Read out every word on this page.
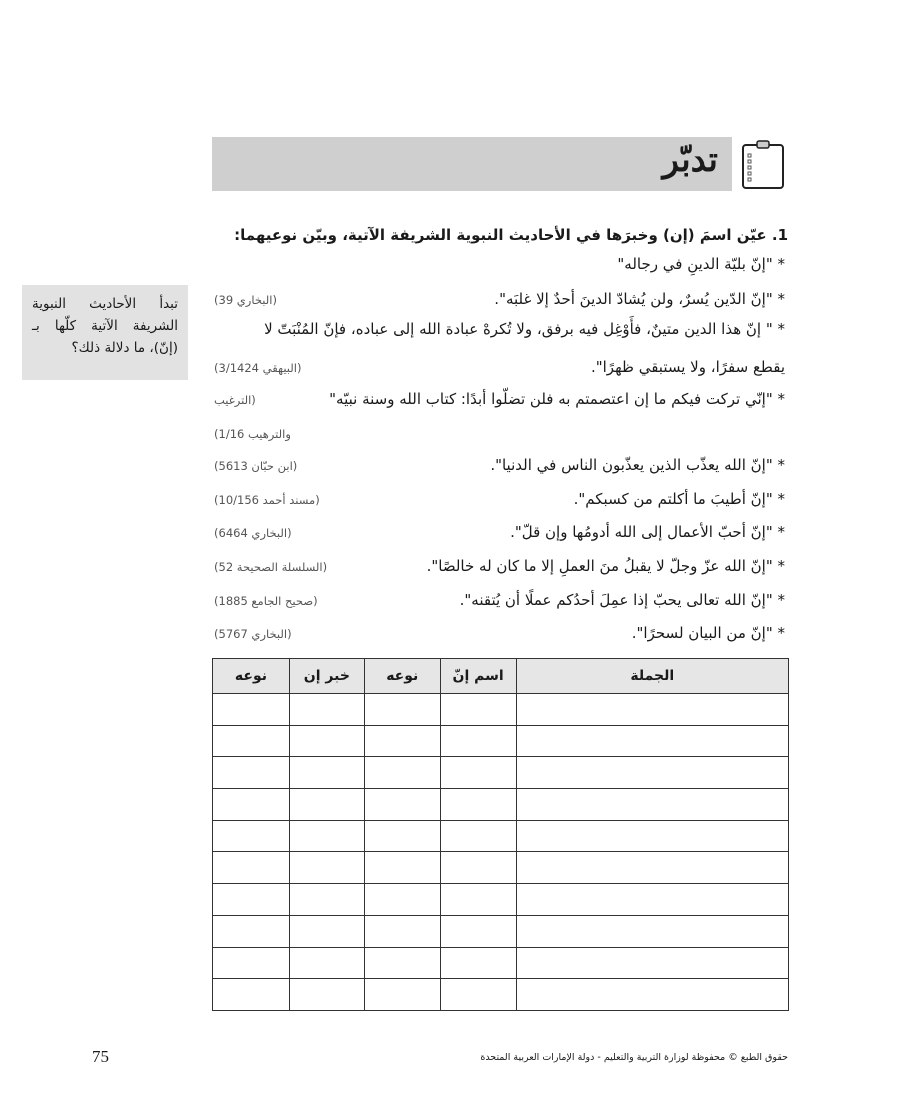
تدبّر
1. عيّن اسمَ (إن) وخبرَها في الأحاديث النبوية الشريفة الآتية، وبيّن نوعيهما:
* "إنّ بليّة الدينِ في رجاله"
* "إنّ الدّين يُسرٌ، ولن يُشادّ الدينَ أحدٌ إلا غلبَه".
(البخاري 39)
* " إنّ هذا الدين متينٌ، فأَوْغِل فيه برفق، ولا تُكرهْ عبادة الله إلى عباده، فإنّ المُنْبَتّ لا
يقطع سفرًا، ولا يستبقي ظهرًا".
(البيهقي 3/1424)
* "إنّي تركت فيكم ما إن اعتصمتم به فلن تضلّوا أبدًا: كتاب الله وسنة نبيّه"
(الترغيب
والترهيب 1/16)
* "إنّ الله يعذّب الذين يعذّبون الناس في الدنيا".
(ابن حبّان 5613)
* "إنّ أطيبَ ما أكلتم من كسبكم".
(مسند أحمد 10/156)
* "إنّ أحبّ الأعمال إلى الله أدومُها وإن قلّ".
(البخاري 6464)
* "إنّ الله عزّ وجلّ لا يقبلُ منَ العملِ إلا ما كان له خالصًا".
(السلسلة الصحيحة 52)
* "إنّ الله تعالى يحبّ إذا عمِلَ أحدُكم عملًا أن يُتقنه".
(صحيح الجامع 1885)
* "إنّ من البيان لسحرًا".
(البخاري 5767)
تبدأ الأحاديث النبوية الشريفة الآتية كلّها بـ (إنّ)، ما دلالة ذلك؟
الجملة	اسم إنّ	نوعه	خبر إن	نوعه

75	حقوق الطبع © محفوظة لوزارة التربية والتعليم - دولة الإمارات العربية المتحدة
